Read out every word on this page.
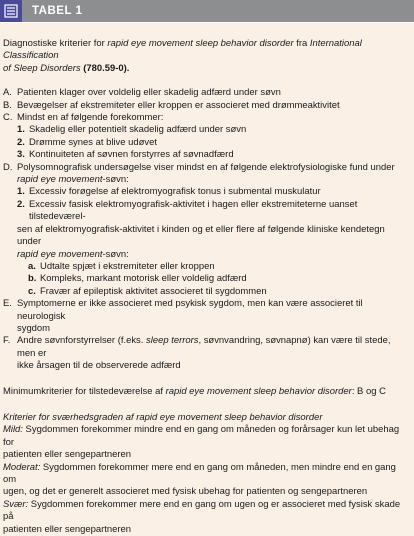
TABEL 1

Diagnostiske kriterier for rapid eye movement sleep behavior disorder fra International Classification
of Sleep Disorders (780.59-0).

A. Patienten klager over voldelig eller skadelig adfærd under søvn
B. Bevægelser af ekstremiteter eller kroppen er associeret med drømmeaktivitet
C. Mindst en af følgende forekommer:
1. Skadelig eller potentielt skadelig adfærd under søvn
2. Drømme synes at blive udøvet
3. Kontinuiteten af søvnen forstyrres af søvnadfærd
D. Polysomnografisk undersøgelse viser mindst en af følgende elektrofysiologiske fund under
rapid eye movement-søvn:
1. Excessiv forøgelse af elektromyografisk tonus i submental muskulatur
2. Excessiv fasisk elektromyografisk-aktivitet i hagen eller ekstremiteterne uanset tilstedeværel-
sen af elektromyografisk-aktivitet i kinden og et eller flere af følgende kliniske kendetegn under
rapid eye movement-søvn:
a. Udtalte spjæt i ekstremiteter eller kroppen
b. Kompleks, markant motorisk eller voldelig adfærd
c. Fravær af epileptisk aktivitet associeret til sygdommen
E. Symptomerne er ikke associeret med psykisk sygdom, men kan være associeret til neurologisk
sygdom
F. Andre søvnforstyrrelser (f.eks. sleep terrors, søvnvandring, søvnapnø) kan være til stede, men er
ikke årsagen til de observerede adfærd

Minimumkriterier for tilstedeværelse af rapid eye movement sleep behavior disorder: B og C

Kriterier for sværhedsgraden af rapid eye movement sleep behavior disorder

Mild: Sygdommen forekommer mindre end en gang om måneden og forårsager kun let ubehag for
patienten eller sengepartneren

Moderat: Sygdommen forekommer mere end en gang om måneden, men mindre end en gang om
ugen, og det er generelt associeret med fysisk ubehag for patienten og sengepartneren

Svær: Sygdommen forekommer mere end en gang om ugen og er associeret med fysisk skade på
patienten eller sengepartneren
